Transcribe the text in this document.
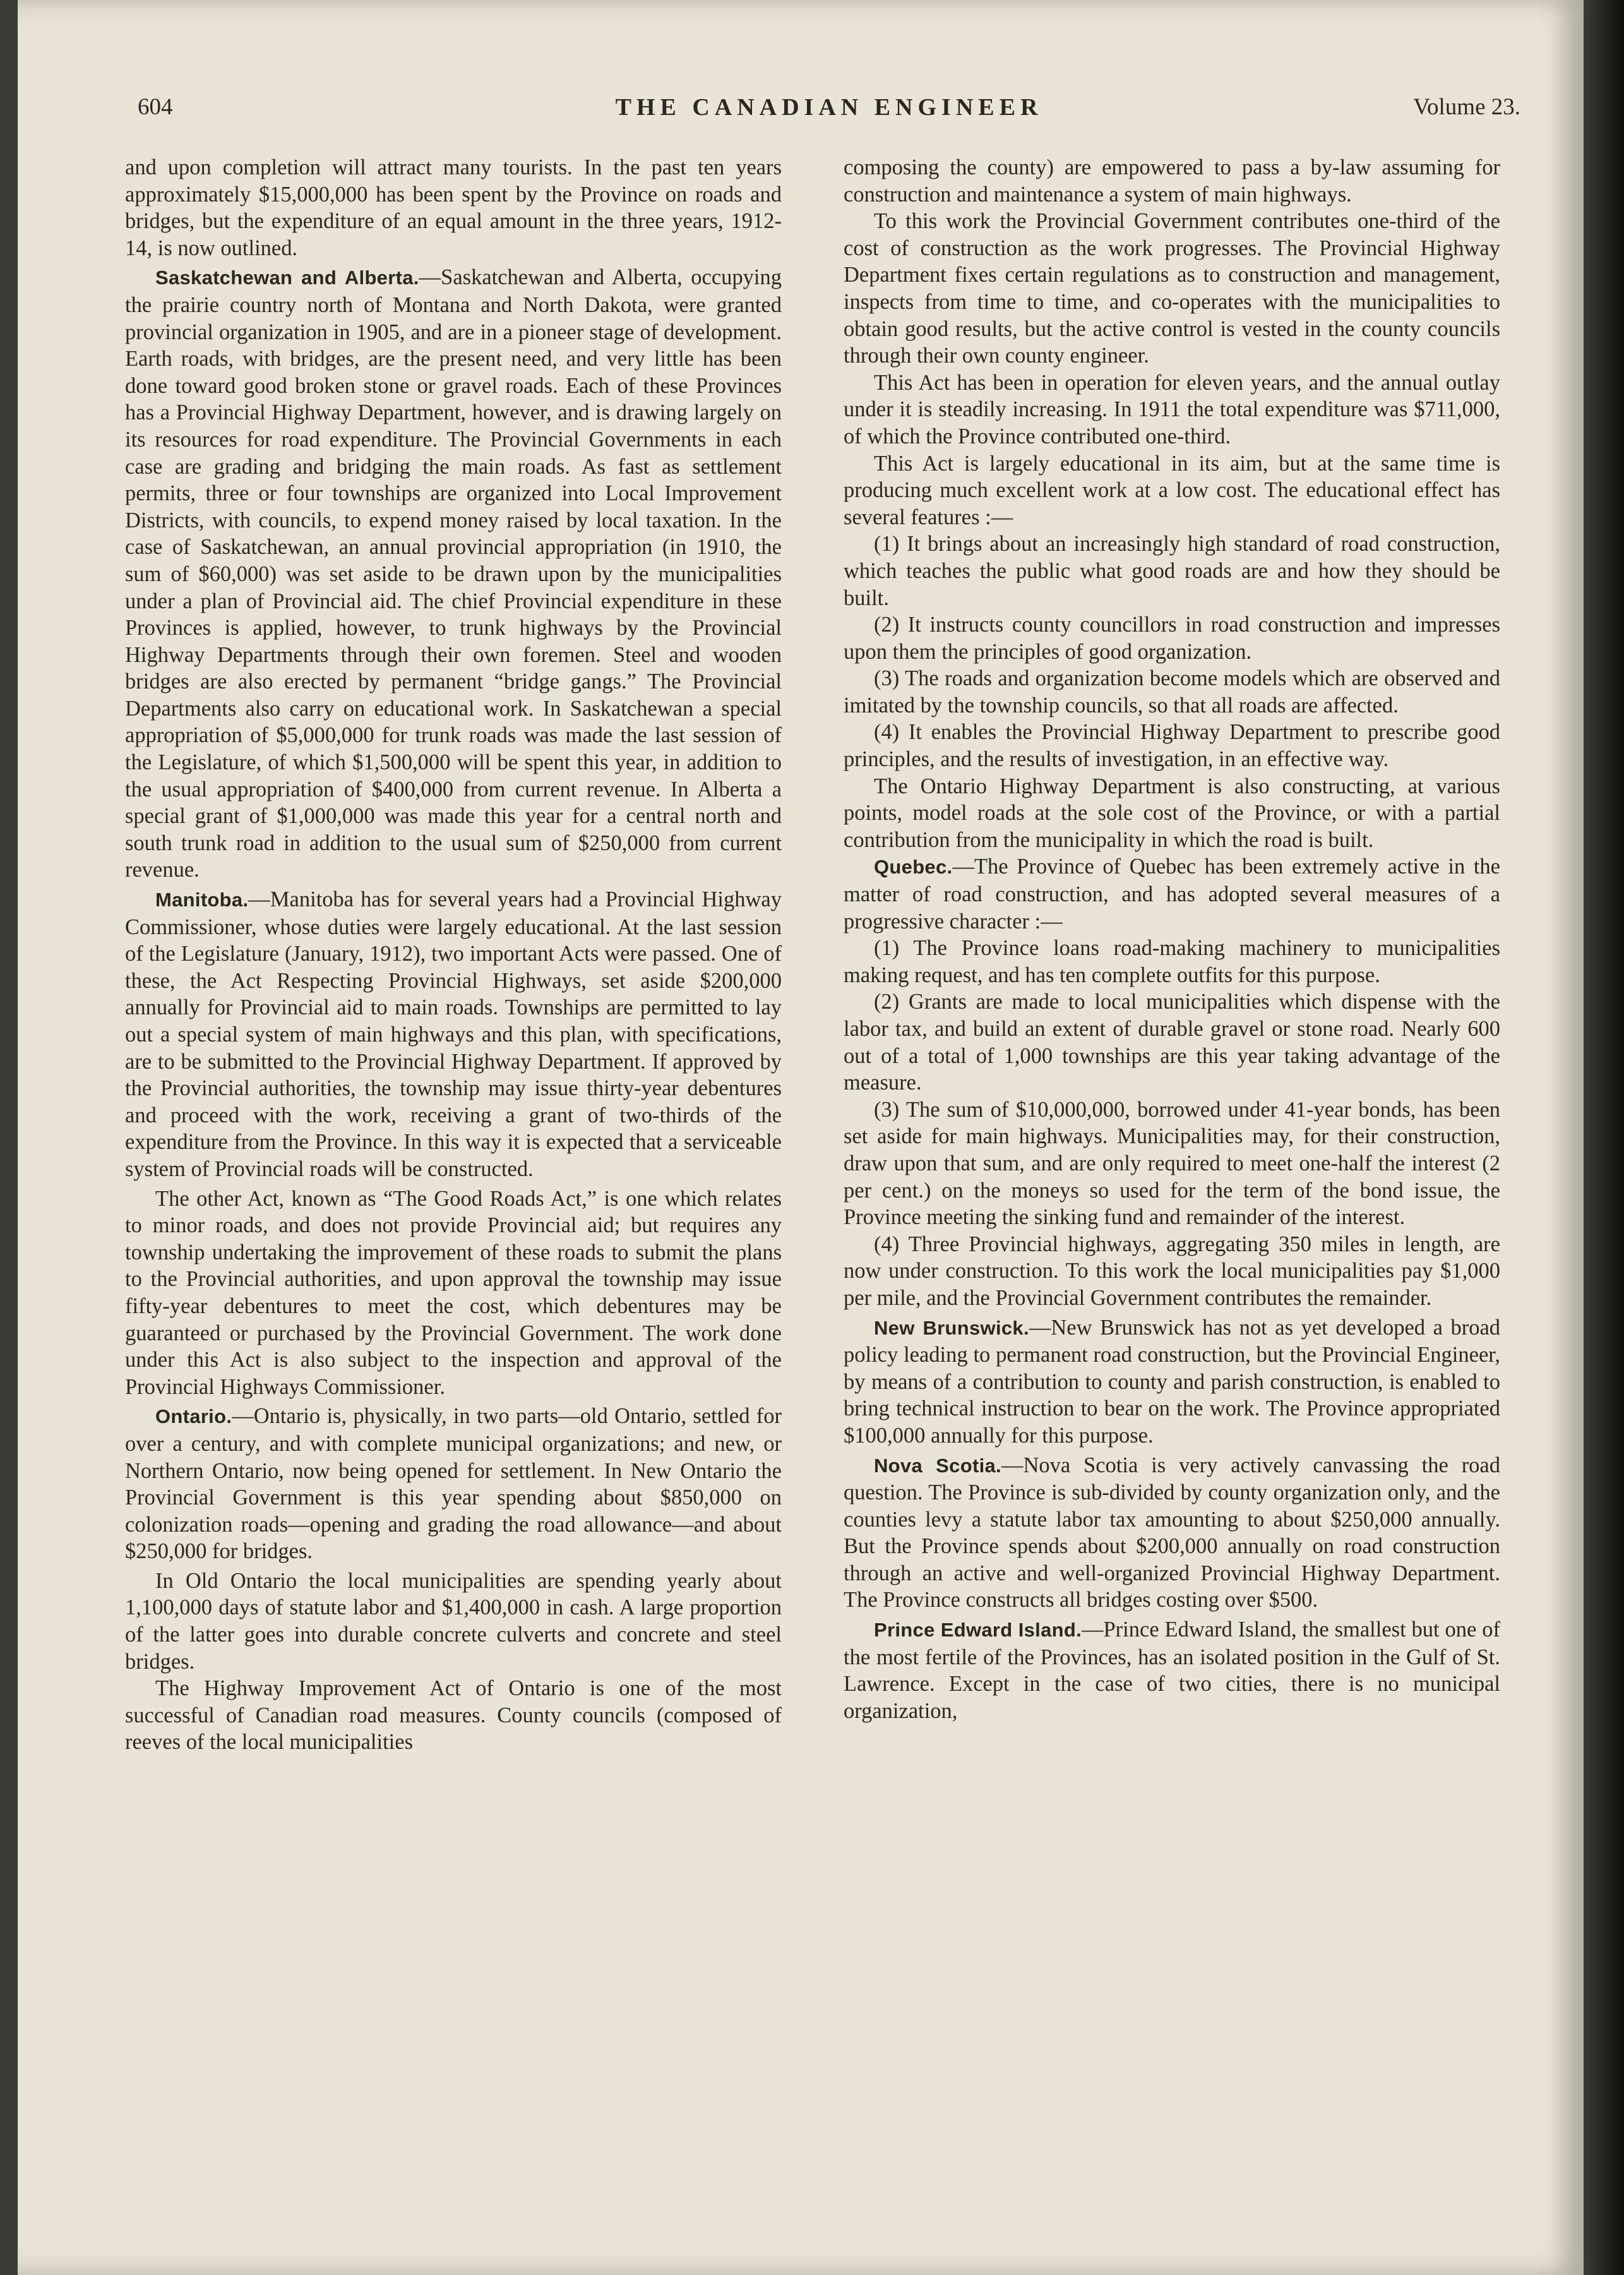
604	THE CANADIAN ENGINEER	Volume 23.

and upon completion will attract many tourists. In the past ten years approximately $15,000,000 has been spent by the Province on roads and bridges, but the expenditure of an equal amount in the three years, 1912-14, is now outlined.

Saskatchewan and Alberta.—Saskatchewan and Alberta, occupying the prairie country north of Montana and North Dakota, were granted provincial organization in 1905, and are in a pioneer stage of development. Earth roads, with bridges, are the present need, and very little has been done toward good broken stone or gravel roads. Each of these Provinces has a Provincial Highway Department, however, and is drawing largely on its resources for road expenditure. The Provincial Governments in each case are grading and bridging the main roads. As fast as settlement permits, three or four townships are organized into Local Improvement Districts, with councils, to expend money raised by local taxation. In the case of Saskatchewan, an annual provincial appropriation (in 1910, the sum of $60,000) was set aside to be drawn upon by the municipalities under a plan of Provincial aid. The chief Provincial expenditure in these Provinces is applied, however, to trunk highways by the Provincial Highway Departments through their own foremen. Steel and wooden bridges are also erected by permanent “bridge gangs.” The Provincial Departments also carry on educational work. In Saskatchewan a special appropriation of $5,000,000 for trunk roads was made the last session of the Legislature, of which $1,500,000 will be spent this year, in addition to the usual appropriation of $400,000 from current revenue. In Alberta a special grant of $1,000,000 was made this year for a central north and south trunk road in addition to the usual sum of $250,000 from current revenue.

Manitoba.—Manitoba has for several years had a Provincial Highway Commissioner, whose duties were largely educational. At the last session of the Legislature (January, 1912), two important Acts were passed. One of these, the Act Respecting Provincial Highways, set aside $200,000 annually for Provincial aid to main roads. Townships are permitted to lay out a special system of main highways and this plan, with specifications, are to be submitted to the Provincial Highway Department. If approved by the Provincial authorities, the township may issue thirty-year debentures and proceed with the work, receiving a grant of two-thirds of the expenditure from the Province. In this way it is expected that a serviceable system of Provincial roads will be constructed.

The other Act, known as “The Good Roads Act,” is one which relates to minor roads, and does not provide Provincial aid; but requires any township undertaking the improvement of these roads to submit the plans to the Provincial authorities, and upon approval the township may issue fifty-year debentures to meet the cost, which debentures may be guaranteed or purchased by the Provincial Government. The work done under this Act is also subject to the inspection and approval of the Provincial Highways Commissioner.

Ontario.—Ontario is, physically, in two parts—old Ontario, settled for over a century, and with complete municipal organizations; and new, or Northern Ontario, now being opened for settlement. In New Ontario the Provincial Government is this year spending about $850,000 on colonization roads—opening and grading the road allowance—and about $250,000 for bridges.

In Old Ontario the local municipalities are spending yearly about 1,100,000 days of statute labor and $1,400,000 in cash. A large proportion of the latter goes into durable concrete culverts and concrete and steel bridges.

The Highway Improvement Act of Ontario is one of the most successful of Canadian road measures. County councils (composed of reeves of the local municipalities

composing the county) are empowered to pass a by-law assuming for construction and maintenance a system of main highways.

To this work the Provincial Government contributes one-third of the cost of construction as the work progresses. The Provincial Highway Department fixes certain regulations as to construction and management, inspects from time to time, and co-operates with the municipalities to obtain good results, but the active control is vested in the county councils through their own county engineer.

This Act has been in operation for eleven years, and the annual outlay under it is steadily increasing. In 1911 the total expenditure was $711,000, of which the Province contributed one-third.

This Act is largely educational in its aim, but at the same time is producing much excellent work at a low cost. The educational effect has several features :—

(1) It brings about an increasingly high standard of road construction, which teaches the public what good roads are and how they should be built.

(2) It instructs county councillors in road construction and impresses upon them the principles of good organization.

(3) The roads and organization become models which are observed and imitated by the township councils, so that all roads are affected.

(4) It enables the Provincial Highway Department to prescribe good principles, and the results of investigation, in an effective way.

The Ontario Highway Department is also constructing, at various points, model roads at the sole cost of the Province, or with a partial contribution from the municipality in which the road is built.

Quebec.—The Province of Quebec has been extremely active in the matter of road construction, and has adopted several measures of a progressive character :—

(1) The Province loans road-making machinery to municipalities making request, and has ten complete outfits for this purpose.

(2) Grants are made to local municipalities which dispense with the labor tax, and build an extent of durable gravel or stone road. Nearly 600 out of a total of 1,000 townships are this year taking advantage of the measure.

(3) The sum of $10,000,000, borrowed under 41-year bonds, has been set aside for main highways. Municipalities may, for their construction, draw upon that sum, and are only required to meet one-half the interest (2 per cent.) on the moneys so used for the term of the bond issue, the Province meeting the sinking fund and remainder of the interest.

(4) Three Provincial highways, aggregating 350 miles in length, are now under construction. To this work the local municipalities pay $1,000 per mile, and the Provincial Government contributes the remainder.

New Brunswick.—New Brunswick has not as yet developed a broad policy leading to permanent road construction, but the Provincial Engineer, by means of a contribution to county and parish construction, is enabled to bring technical instruction to bear on the work. The Province appropriated $100,000 annually for this purpose.

Nova Scotia.—Nova Scotia is very actively canvassing the road question. The Province is sub-divided by county organization only, and the counties levy a statute labor tax amounting to about $250,000 annually. But the Province spends about $200,000 annually on road construction through an active and well-organized Provincial Highway Department. The Province constructs all bridges costing over $500.

Prince Edward Island.—Prince Edward Island, the smallest but one of the most fertile of the Provinces, has an isolated position in the Gulf of St. Lawrence. Except in the case of two cities, there is no municipal organization,
